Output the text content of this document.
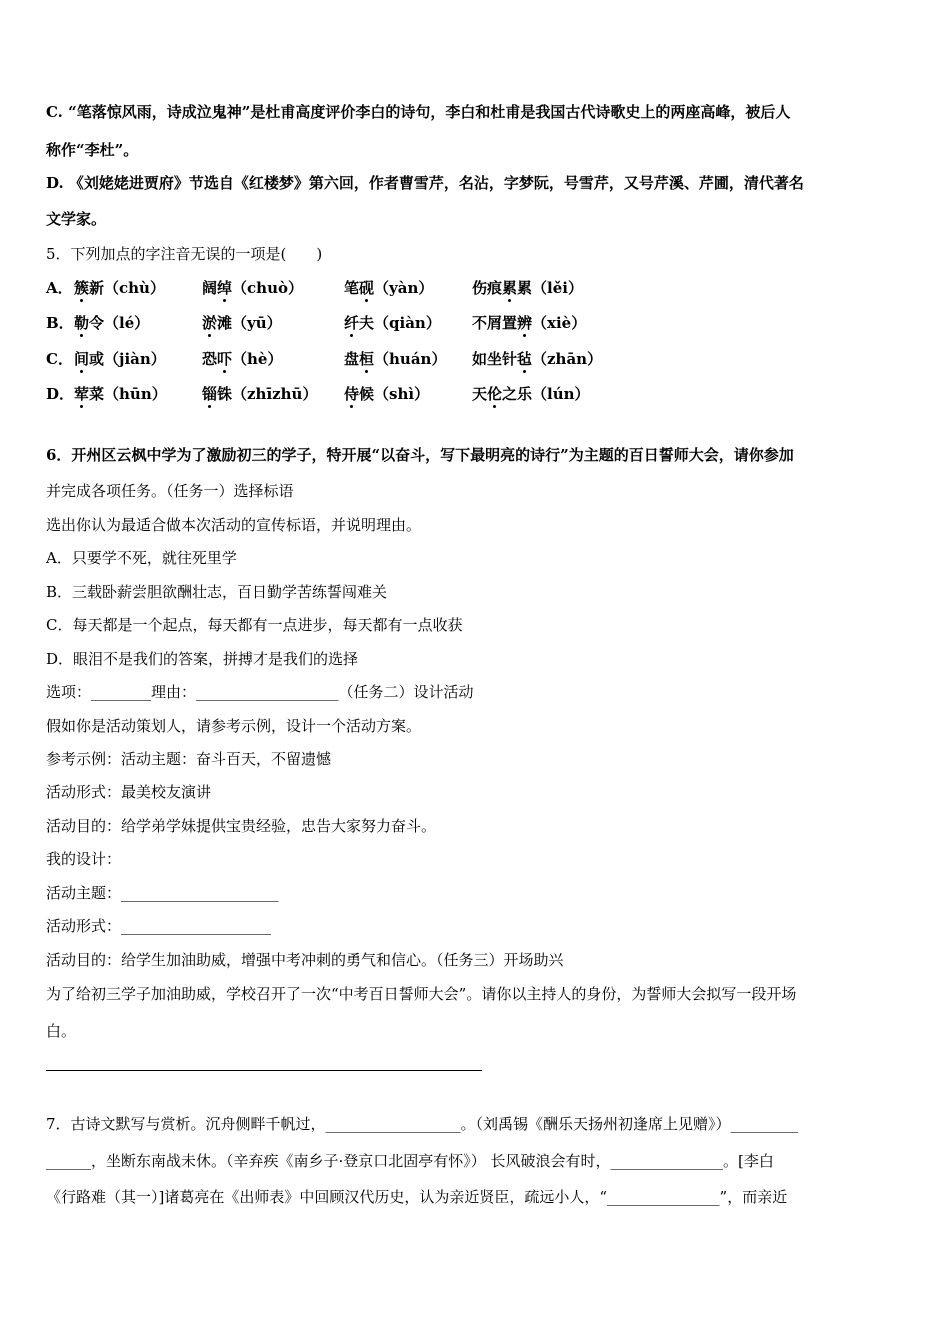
C. “笔落惊风雨，诗成泣鬼神”是杜甫高度评价李白的诗句，李白和杜甫是我国古代诗歌史上的两座高峰，被后人
称作“李杜”。
D. 《刘姥姥进贾府》节选自《红楼梦》第六回，作者曹雪芹，名沾，字梦阮，号雪芹，又号芹溪、芹圃，清代著名
文学家。
5．下列加点的字注音无误的一项是(　　)
A． 簇新（chù） 阔绰（chuò）	笔砚（yàn）	伤痕累累（lěi）
B． 勒令（lé）	淤滩（yū）	纤夫（qiàn） 不屑置辨（xiè）
C． 间或（jiàn） 恐吓（hè）	盘桓（huán） 如坐针毡（zhān）
D． 荤菜（hūn） 锱铢（zhīzhū） 侍候（shì）	天伦之乐（lún）
6．开州区云枫中学为了激励初三的学子，特开展“以奋斗，写下最明亮的诗行”为主题的百日誓师大会，请你参加
并完成各项任务。（任务一）选择标语
选出你认为最适合做本次活动的宣传标语，并说明理由。
A．只要学不死，就往死里学
B．三载卧薪尝胆欲酬壮志，百日勤学苦练誓闯难关
C．每天都是一个起点，每天都有一点进步，每天都有一点收获
D．眼泪不是我们的答案，拼搏才是我们的选择
选项：________理由：___________________（任务二）设计活动
假如你是活动策划人，请参考示例，设计一个活动方案。
参考示例：活动主题：奋斗百天，不留遗憾
活动形式：最美校友演讲
活动目的：给学弟学妹提供宝贵经验，忠告大家努力奋斗。
我的设计：
活动主题：_____________________
活动形式：____________________
活动目的：给学生加油助威，增强中考冲刺的勇气和信心。（任务三）开场助兴
为了给初三学子加油助威，学校召开了一次“中考百日誓师大会”。请你以主持人的身份，为誓师大会拟写一段开场
白。
7．古诗文默写与赏析。沉舟侧畔千帆过，__________________。（刘禹锡《酬乐天扬州初逢席上见赠》）_________
______，坐断东南战未休。（辛弃疾《南乡子·登京口北固亭有怀》） 长风破浪会有时，_______________。[李白
《行路难（其一）]诸葛亮在《出师表》中回顾汉代历史，认为亲近贤臣，疏远小人，“_______________”，而亲近
